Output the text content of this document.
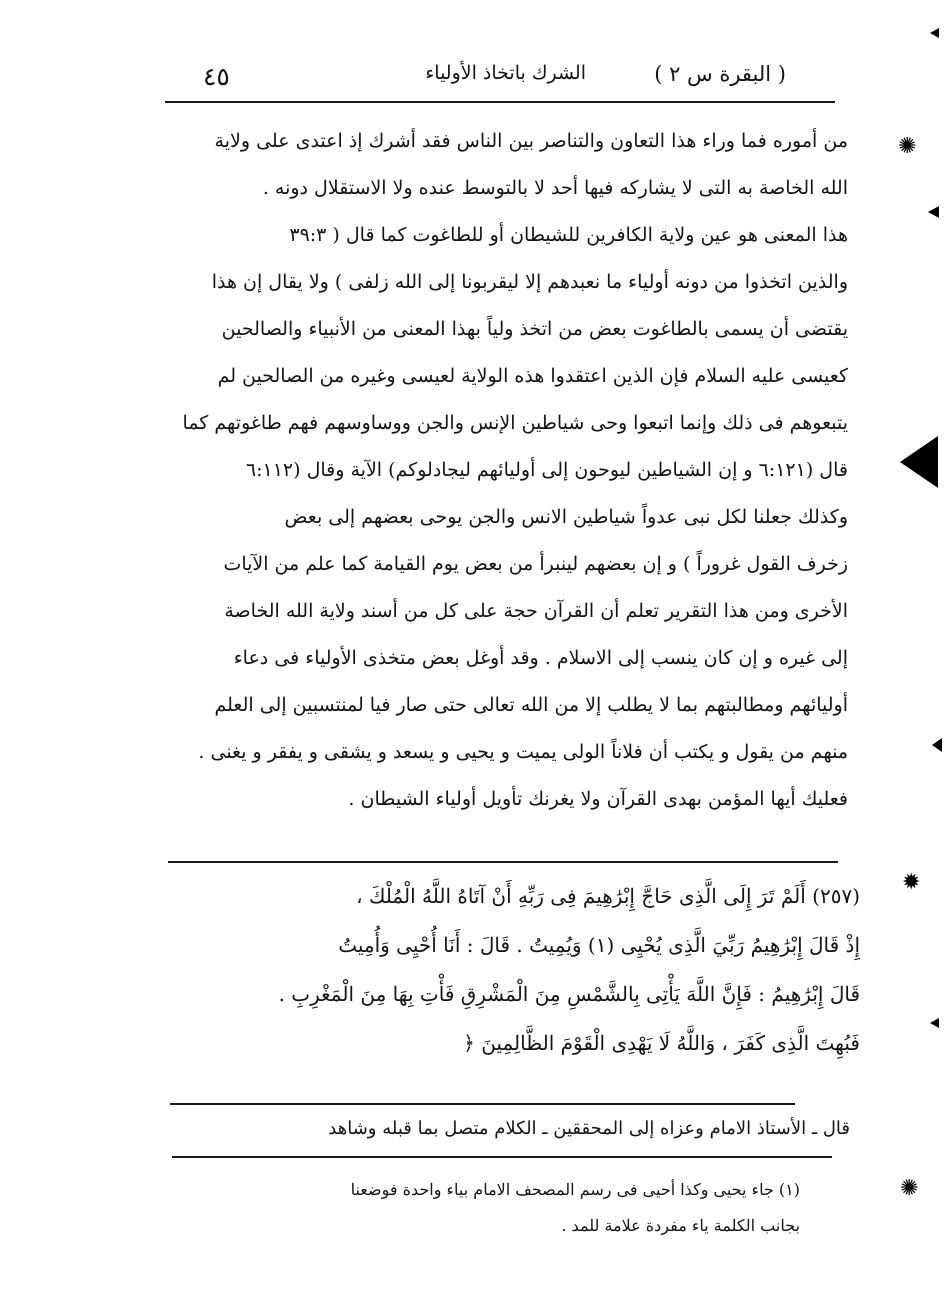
( البقرة س ٢ )
الشرك باتخاذ الأولياء
٤٥
من أموره فما وراء هذا التعاون والتناصر بين الناس فقد أشرك إذ اعتدى على ولاية
الله الخاصة به التى لا يشاركه فيها أحد لا بالتوسط عنده ولا الاستقلال دونه .
هذا المعنى هو عين ولاية الكافرين للشيطان أو للطاغوت كما قال ( ٣٩:٣
والذين اتخذوا من دونه أولياء ما نعبدهم إلا ليقربونا إلى الله زلفى ) ولا يقال إن هذا
يقتضى أن يسمى بالطاغوت بعض من اتخذ ولياً بهذا المعنى من الأنبياء والصالحين
كعيسى عليه السلام فإن الذين اعتقدوا هذه الولاية لعيسى وغيره من الصالحين لم
يتبعوهم فى ذلك وإنما اتبعوا وحى شياطين الإنس والجن ووساوسهم فهم طاغوتهم كما
قال (٦:١٢١ و إن الشياطين ليوحون إلى أوليائهم ليجادلوكم) الآية وقال (٦:١١٢
وكذلك جعلنا لكل نبى عدواً شياطين الانس والجن يوحى بعضهم إلى بعض
زخرف القول غروراً ) و إن بعضهم لينبرأ من بعض يوم القيامة كما علم من الآيات
الأخرى ومن هذا التقرير تعلم أن القرآن حجة على كل من أسند ولاية الله الخاصة
إلى غيره و إن كان ينسب إلى الاسلام . وقد أوغل بعض متخذى الأولياء فى دعاء
أوليائهم ومطالبتهم بما لا يطلب إلا من الله تعالى حتى صار فيا لمنتسبين إلى العلم
منهم من يقول و يكتب أن فلاناً الولى يميت و يحيى و يسعد و يشقى و يفقر و يغنى .
فعليك أيها المؤمن بهدى القرآن ولا يغرنك تأويل أولياء الشيطان .
(٢٥٧) أَلَمْ تَرَ إِلَى الَّذِى حَاجَّ إِبْرَٰهِيمَ فِى رَبِّهِ أَنْ آتَاهُ اللَّهُ الْمُلْكَ ،
إِذْ قَالَ إِبْرَٰهِيمُ رَبِّيَ الَّذِى يُحْيِى (١) وَيُمِيتُ . قَالَ : أَنَا أُحْيِى وَأُمِيتُ
قَالَ إِبْرَٰهِيمُ : فَإِنَّ اللَّهَ يَأْتِى بِالشَّمْسِ مِنَ الْمَشْرِقِ فَأْتِ بِهَا مِنَ الْمَغْرِبِ .
فَبُهِتَ الَّذِى كَفَرَ ، وَاللَّهُ لَا يَهْدِى الْقَوْمَ الظَّالِمِينَ ﴿
قال ـ الأستاذ الامام وعزاه إلى المحققين ـ الكلام متصل بما قبله وشاهد
(١) جاء يحيى وكذا أحيى فى رسم المصحف الامام بياء واحدة فوضعنا
بجانب الكلمة ياء مفردة علامة للمد .
✺
✹
✺
